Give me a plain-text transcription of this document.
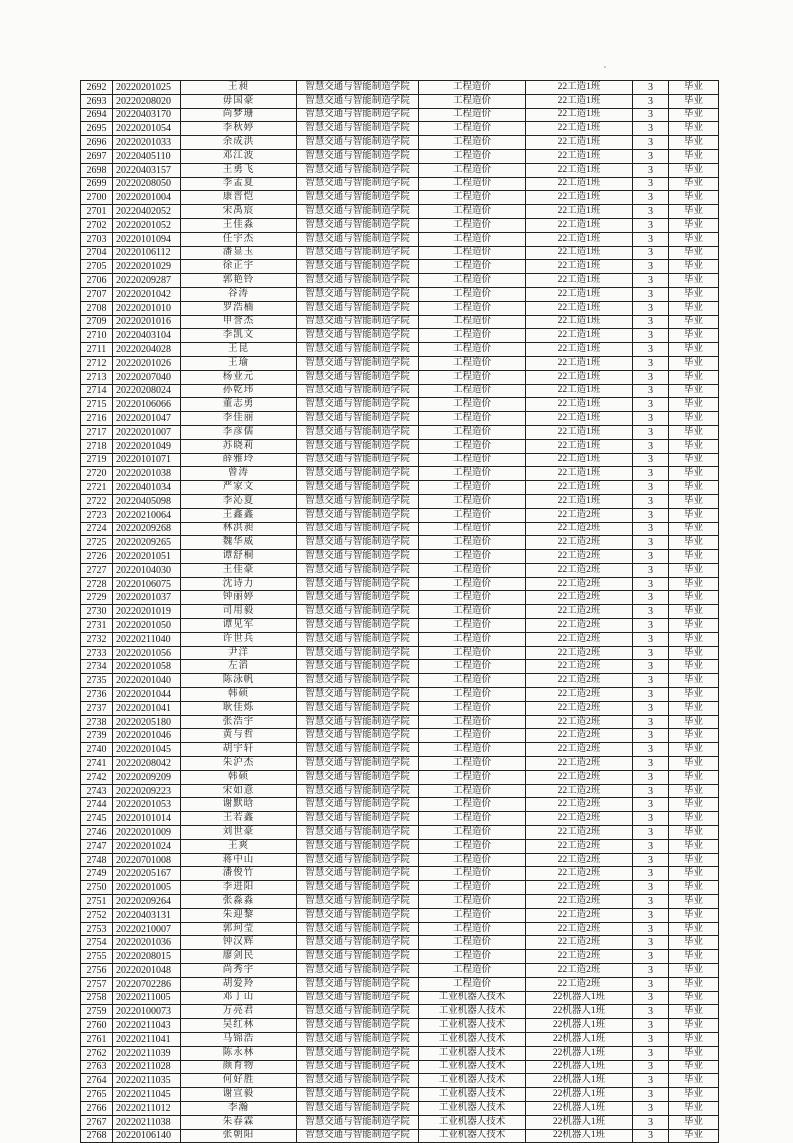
2692	20220201025	王昶	智慧交通与智能制造学院	工程造价	22工造1班	3	毕业
2693	20220208020	毋国豪	智慧交通与智能制造学院	工程造价	22工造1班	3	毕业
2694	20220403170	尚梦珊	智慧交通与智能制造学院	工程造价	22工造1班	3	毕业
2695	20220201054	李秋婷	智慧交通与智能制造学院	工程造价	22工造1班	3	毕业
2696	20220201033	余成洪	智慧交通与智能制造学院	工程造价	22工造1班	3	毕业
2697	20220405110	邓江波	智慧交通与智能制造学院	工程造价	22工造1班	3	毕业
2698	20220403157	王勇飞	智慧交通与智能制造学院	工程造价	22工造1班	3	毕业
2699	20220208050	李孟夏	智慧交通与智能制造学院	工程造价	22工造1班	3	毕业
2700	20220201004	康晋恺	智慧交通与智能制造学院	工程造价	22工造1班	3	毕业
2701	20220402052	宋禹宸	智慧交通与智能制造学院	工程造价	22工造1班	3	毕业
2702	20220201052	王佳淼	智慧交通与智能制造学院	工程造价	22工造1班	3	毕业
2703	20220101094	任宇杰	智慧交通与智能制造学院	工程造价	22工造1班	3	毕业
2704	20220106112	潘显玉	智慧交通与智能制造学院	工程造价	22工造1班	3	毕业
2705	20220201029	徐正宇	智慧交通与智能制造学院	工程造价	22工造1班	3	毕业
2706	20220209287	郭艳铃	智慧交通与智能制造学院	工程造价	22工造1班	3	毕业
2707	20220201042	谷涛	智慧交通与智能制造学院	工程造价	22工造1班	3	毕业
2708	20220201010	罗浩楠	智慧交通与智能制造学院	工程造价	22工造1班	3	毕业
2709	20220201016	申誉杰	智慧交通与智能制造学院	工程造价	22工造1班	3	毕业
2710	20220403104	李凯文	智慧交通与智能制造学院	工程造价	22工造1班	3	毕业
2711	20220204028	王昆	智慧交通与智能制造学院	工程造价	22工造1班	3	毕业
2712	20220201026	王瑜	智慧交通与智能制造学院	工程造价	22工造1班	3	毕业
2713	20220207040	杨业元	智慧交通与智能制造学院	工程造价	22工造1班	3	毕业
2714	20220208024	孙乾玮	智慧交通与智能制造学院	工程造价	22工造1班	3	毕业
2715	20220106066	董志勇	智慧交通与智能制造学院	工程造价	22工造1班	3	毕业
2716	20220201047	李佳丽	智慧交通与智能制造学院	工程造价	22工造1班	3	毕业
2717	20220201007	李彦儒	智慧交通与智能制造学院	工程造价	22工造1班	3	毕业
2718	20220201049	苏晓莉	智慧交通与智能制造学院	工程造价	22工造1班	3	毕业
2719	20220101071	薛雅玲	智慧交通与智能制造学院	工程造价	22工造1班	3	毕业
2720	20220201038	曾涛	智慧交通与智能制造学院	工程造价	22工造1班	3	毕业
2721	20220401034	严家文	智慧交通与智能制造学院	工程造价	22工造1班	3	毕业
2722	20220405098	李沁夏	智慧交通与智能制造学院	工程造价	22工造1班	3	毕业
2723	20220210064	王鑫鑫	智慧交通与智能制造学院	工程造价	22工造2班	3	毕业
2724	20220209268	林洪昶	智慧交通与智能制造学院	工程造价	22工造2班	3	毕业
2725	20220209265	魏华威	智慧交通与智能制造学院	工程造价	22工造2班	3	毕业
2726	20220201051	谭舒桐	智慧交通与智能制造学院	工程造价	22工造2班	3	毕业
2727	20220104030	王佳豪	智慧交通与智能制造学院	工程造价	22工造2班	3	毕业
2728	20220106075	沈诗力	智慧交通与智能制造学院	工程造价	22工造2班	3	毕业
2729	20220201037	钟丽婷	智慧交通与智能制造学院	工程造价	22工造2班	3	毕业
2730	20220201019	司用毅	智慧交通与智能制造学院	工程造价	22工造2班	3	毕业
2731	20220201050	谭见军	智慧交通与智能制造学院	工程造价	22工造2班	3	毕业
2732	20220211040	许世兵	智慧交通与智能制造学院	工程造价	22工造2班	3	毕业
2733	20220201056	尹洋	智慧交通与智能制造学院	工程造价	22工造2班	3	毕业
2734	20220201058	左滔	智慧交通与智能制造学院	工程造价	22工造2班	3	毕业
2735	20220201040	陈泳帆	智慧交通与智能制造学院	工程造价	22工造2班	3	毕业
2736	20220201044	韩硕	智慧交通与智能制造学院	工程造价	22工造2班	3	毕业
2737	20220201041	耿佳烁	智慧交通与智能制造学院	工程造价	22工造2班	3	毕业
2738	20220205180	张浩宇	智慧交通与智能制造学院	工程造价	22工造2班	3	毕业
2739	20220201046	黄与哲	智慧交通与智能制造学院	工程造价	22工造2班	3	毕业
2740	20220201045	胡宇轩	智慧交通与智能制造学院	工程造价	22工造2班	3	毕业
2741	20220208042	朱沪杰	智慧交通与智能制造学院	工程造价	22工造2班	3	毕业
2742	20220209209	韩硕	智慧交通与智能制造学院	工程造价	22工造2班	3	毕业
2743	20220209223	宋如意	智慧交通与智能制造学院	工程造价	22工造2班	3	毕业
2744	20220201053	谢默晗	智慧交通与智能制造学院	工程造价	22工造2班	3	毕业
2745	20220101014	王若鑫	智慧交通与智能制造学院	工程造价	22工造2班	3	毕业
2746	20220201009	刘世豪	智慧交通与智能制造学院	工程造价	22工造2班	3	毕业
2747	20220201024	王爽	智慧交通与智能制造学院	工程造价	22工造2班	3	毕业
2748	20220701008	蒋中山	智慧交通与智能制造学院	工程造价	22工造2班	3	毕业
2749	20220205167	潘俊竹	智慧交通与智能制造学院	工程造价	22工造2班	3	毕业
2750	20220201005	李进阳	智慧交通与智能制造学院	工程造价	22工造2班	3	毕业
2751	20220209264	张淼淼	智慧交通与智能制造学院	工程造价	22工造2班	3	毕业
2752	20220403131	朱迎黎	智慧交通与智能制造学院	工程造价	22工造2班	3	毕业
2753	20220210007	郭珂莹	智慧交通与智能制造学院	工程造价	22工造2班	3	毕业
2754	20220201036	钟汉辉	智慧交通与智能制造学院	工程造价	22工造2班	3	毕业
2755	20220208015	廖剑民	智慧交通与智能制造学院	工程造价	22工造2班	3	毕业
2756	20220201048	尚秀宇	智慧交通与智能制造学院	工程造价	22工造2班	3	毕业
2757	20220702286	胡爱羚	智慧交通与智能制造学院	工程造价	22工造2班	3	毕业
2758	20220211005	邓丁山	智慧交通与智能制造学院	工业机器人技术	22机器人1班	3	毕业
2759	20220100073	万亮君	智慧交通与智能制造学院	工业机器人技术	22机器人1班	3	毕业
2760	20220211043	吴红林	智慧交通与智能制造学院	工业机器人技术	22机器人1班	3	毕业
2761	20220211041	马锦浩	智慧交通与智能制造学院	工业机器人技术	22机器人1班	3	毕业
2762	20220211039	陈永林	智慧交通与智能制造学院	工业机器人技术	22机器人1班	3	毕业
2763	20220211028	颜育物	智慧交通与智能制造学院	工业机器人技术	22机器人1班	3	毕业
2764	20220211035	何好胜	智慧交通与智能制造学院	工业机器人技术	22机器人1班	3	毕业
2765	20220211045	谢宣毅	智慧交通与智能制造学院	工业机器人技术	22机器人1班	3	毕业
2766	20220211012	李瀚	智慧交通与智能制造学院	工业机器人技术	22机器人1班	3	毕业
2767	20220211038	朱春霖	智慧交通与智能制造学院	工业机器人技术	22机器人1班	3	毕业
2768	20220106140	张朝阳	智慧交通与智能制造学院	工业机器人技术	22机器人1班	3	毕业
